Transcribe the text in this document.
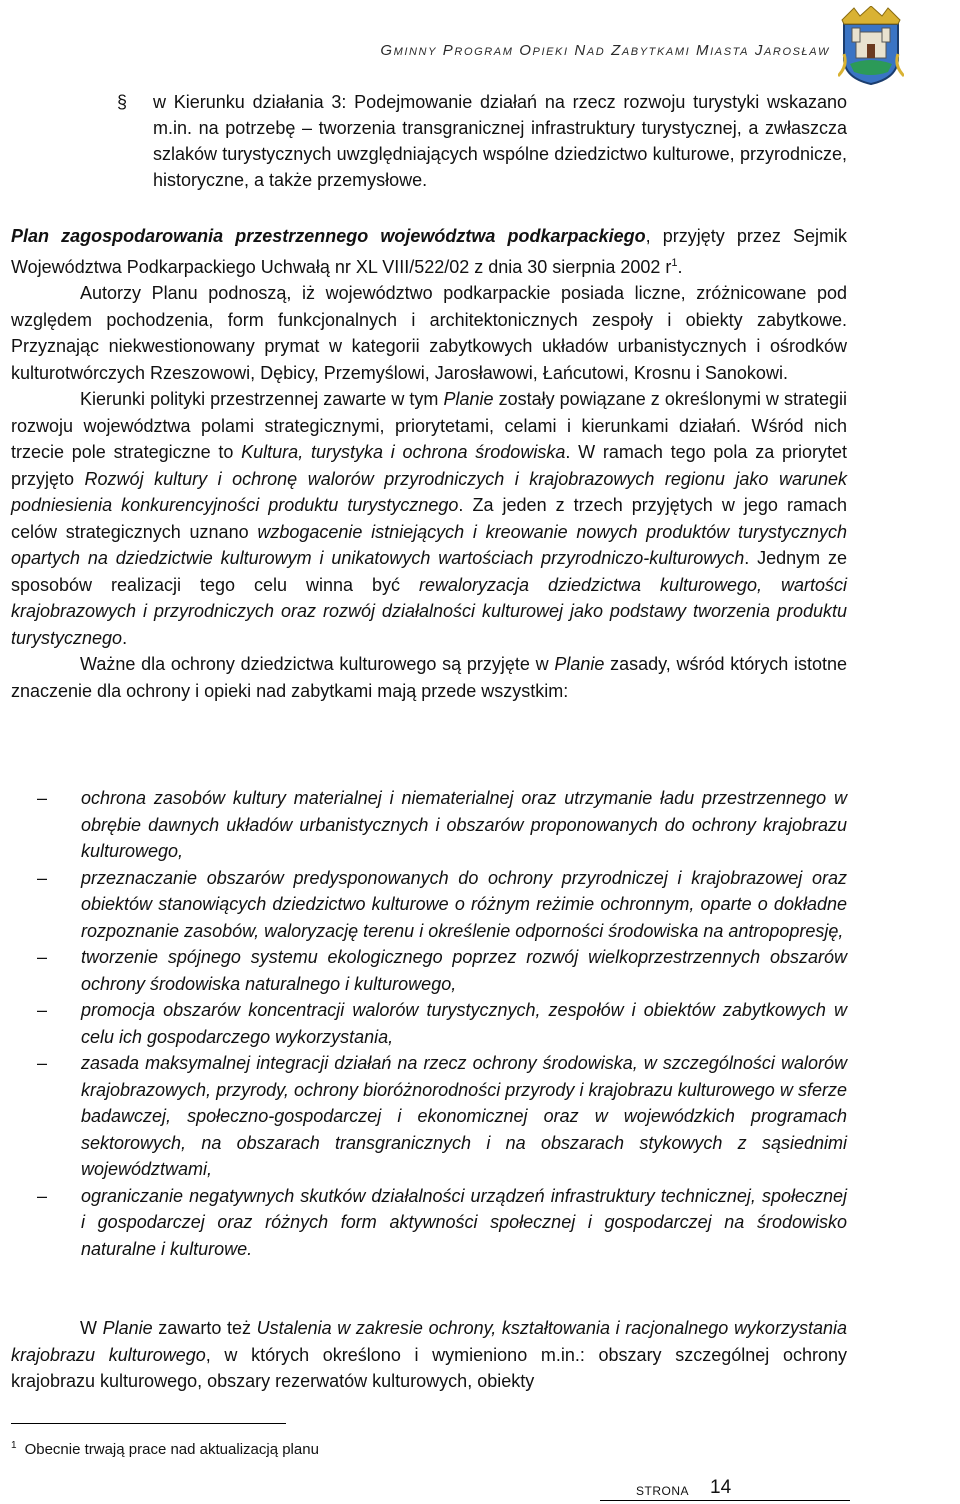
Gminny Program Opieki Nad Zabytkami Miasta Jarosław
§	w Kierunku działania 3: Podejmowanie działań na rzecz rozwoju turystyki wskazano m.in. na potrzebę – tworzenia transgranicznej infrastruktury turystycznej, a zwłaszcza szlaków turystycznych uwzględniających wspólne dziedzictwo kulturowe, przyrodnicze, historyczne, a także przemysłowe.

Plan zagospodarowania przestrzennego województwa podkarpackiego, przyjęty przez Sejmik Województwa Podkarpackiego Uchwałą nr XL VIII/522/02 z dnia 30 sierpnia 2002 $r^1$.

Autorzy Planu podnoszą, iż województwo podkarpackie posiada liczne, zróżnicowane pod względem pochodzenia, form funkcjonalnych i architektonicznych zespoły i obiekty zabytkowe. Przyznając niekwestionowany prymat w kategorii zabytkowych układów urbanistycznych i ośrodków kulturotwórczych Rzeszowowi, Dębicy, Przemyślowi, Jarosławowi, Łańcutowi, Krosnu i Sanokowi.

Kierunki polityki przestrzennej zawarte w tym Planie zostały powiązane z określonymi w strategii rozwoju województwa polami strategicznymi, priorytetami, celami i kierunkami działań. Wśród nich trzecie pole strategiczne to Kultura, turystyka i ochrona środowiska. W ramach tego pola za priorytet przyjęto Rozwój kultury i ochronę walorów przyrodniczych i krajobrazowych regionu jako warunek podniesienia konkurencyjności produktu turystycznego. Za jeden z trzech przyjętych w jego ramach celów strategicznych uznano wzbogacenie istniejących i kreowanie nowych produktów turystycznych opartych na dziedzictwie kulturowym i unikatowych wartościach przyrodniczo-kulturowych. Jednym ze sposobów realizacji tego celu winna być rewaloryzacja dziedzictwa kulturowego, wartości krajobrazowych i przyrodniczych oraz rozwój działalności kulturowej jako podstawy tworzenia produktu turystycznego.

Ważne dla ochrony dziedzictwa kulturowego są przyjęte w Planie zasady, wśród których istotne znaczenie dla ochrony i opieki nad zabytkami mają przede wszystkim:

– ochrona zasobów kultury materialnej i niematerialnej oraz utrzymanie ładu przestrzennego w obrębie dawnych układów urbanistycznych i obszarów proponowanych do ochrony krajobrazu kulturowego,
– przeznaczanie obszarów predysponowanych do ochrony przyrodniczej i krajobrazowej oraz obiektów stanowiących dziedzictwo kulturowe o różnym reżimie ochronnym, oparte o dokładne rozpoznanie zasobów, waloryzację terenu i określenie odporności środowiska na antropopresję,
– tworzenie spójnego systemu ekologicznego poprzez rozwój wielkoprzestrzennych obszarów ochrony środowiska naturalnego i kulturowego,
– promocja obszarów koncentracji walorów turystycznych, zespołów i obiektów zabytkowych w celu ich gospodarczego wykorzystania,
– zasada maksymalnej integracji działań na rzecz ochrony środowiska, w szczególności walorów krajobrazowych, przyrody, ochrony bioróżnorodności przyrody i krajobrazu kulturowego w sferze badawczej, społeczno-gospodarczej i ekonomicznej oraz w wojewódzkich programach sektorowych, na obszarach transgranicznych i na obszarach stykowych z sąsiednimi województwami,
– ograniczanie negatywnych skutków działalności urządzeń infrastruktury technicznej, społecznej i gospodarczej oraz różnych form aktywności społecznej i gospodarczej na środowisko naturalne i kulturowe.

W Planie zawarto też Ustalenia w zakresie ochrony, kształtowania i racjonalnego wykorzystania krajobrazu kulturowego, w których określono i wymieniono m.in.: obszary szczególnej ochrony krajobrazu kulturowego, obszary rezerwatów kulturowych, obiekty

$^1$ Obecnie trwają prace nad aktualizacją planu
STRONA 14
